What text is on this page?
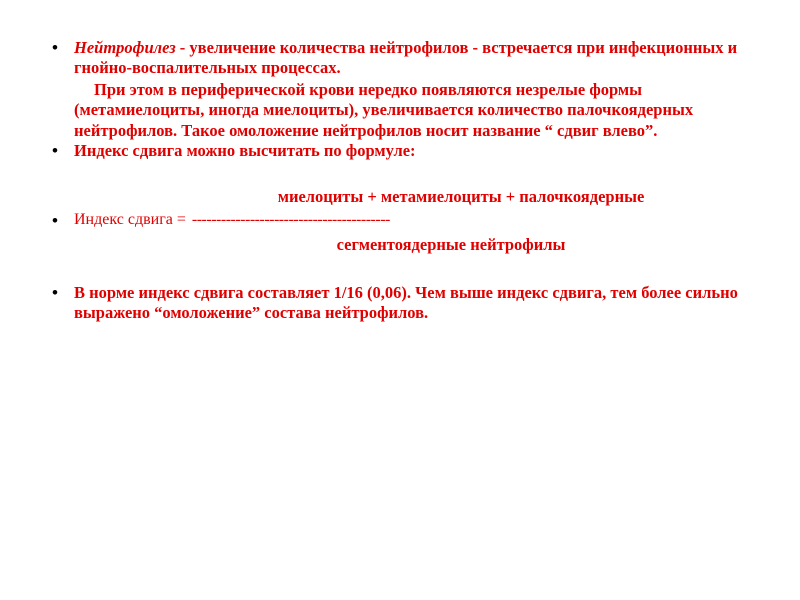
• Нейтрофилез - увеличение количества нейтрофилов - встречается при инфекционных и гнойно-воспалительных процессах.
При этом в периферической крови нередко появляются незрелые формы (метамиелоциты, иногда миелоциты), увеличивается количество палочкоядерных нейтрофилов. Такое омоложение нейтрофилов носит название “ сдвиг влево”.
• Индекс сдвига можно высчитать по формуле:
миелоциты + метамиелоциты + палочкоядерные
•	Индекс сдвига = -----------------------------------------
сегментоядерные нейтрофилы
• В норме индекс сдвига составляет 1/16 (0,06). Чем выше индекс сдвига, тем более сильно выражено “омоложение” состава нейтрофилов.
